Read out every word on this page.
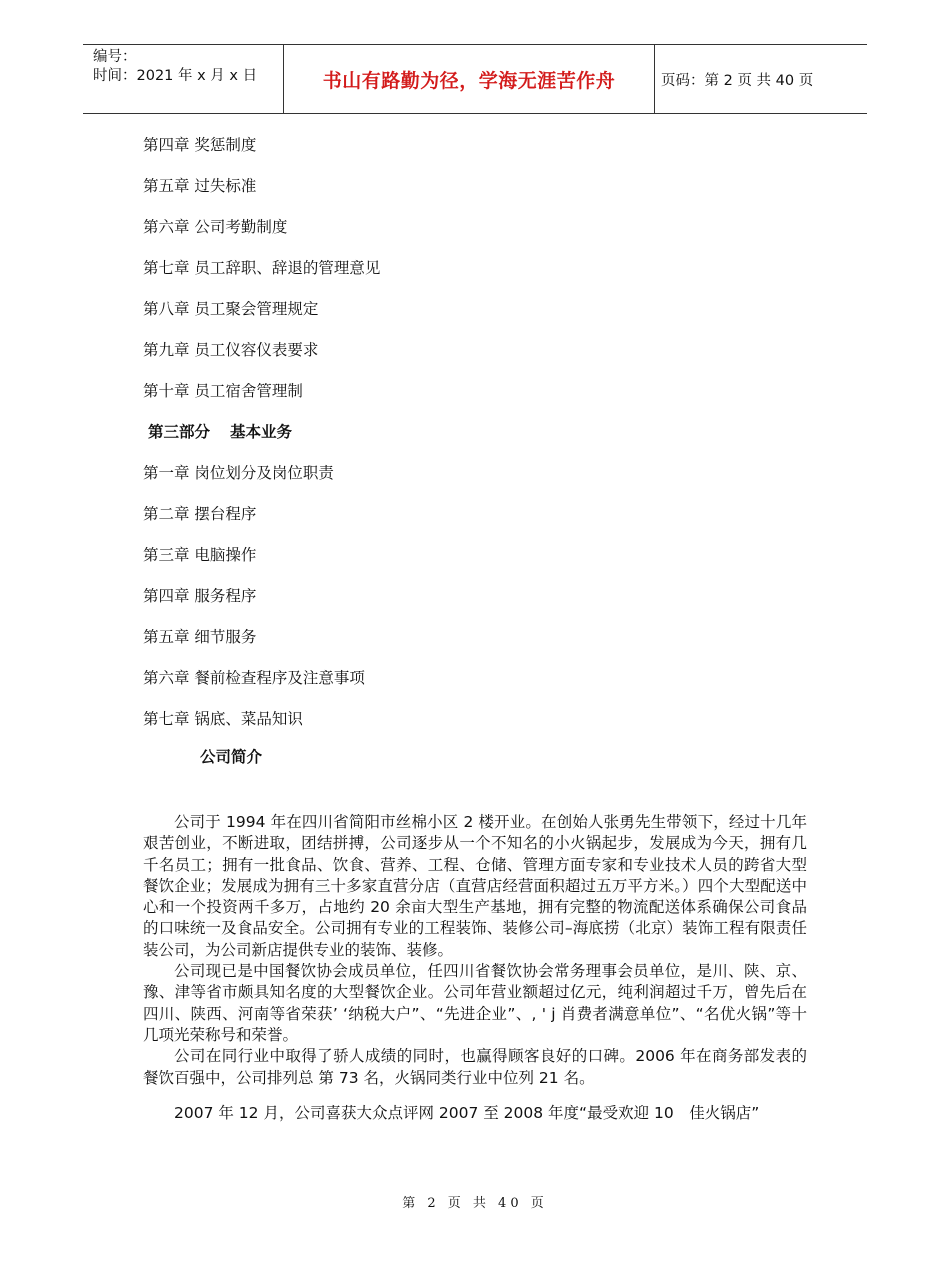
编号：
时间：2021 年 x 月 x 日	书山有路勤为径，学海无涯苦作舟	页码：第 2 页 共 40 页
第四章 奖惩制度
第五章 过失标准
第六章 公司考勤制度
第七章 员工辞职、辞退的管理意见
第八章 员工聚会管理规定
第九章 员工仪容仪表要求
第十章 员工宿舍管理制
第三部分 基本业务
第一章 岗位划分及岗位职责
第二章 摆台程序
第三章 电脑操作
第四章 服务程序
第五章 细节服务
第六章 餐前检查程序及注意事项
第七章 锅底、菜品知识
公司简介

公司于 1994 年在四川省简阳市丝棉小区 2 楼开业。在创始人张勇先生带领下，经过十几年艰苦创业，不断进取，团结拼搏，公司逐步从一个不知名的小火锅起步，发展成为今天，拥有几千名员工；拥有一批食品、饮食、营养、工程、仓储、管理方面专家和专业技术人员的跨省大型餐饮企业；发展成为拥有三十多家直营分店（直营店经营面积超过五万平方米。）四个大型配送中心和一个投资两千多万，占地约 20 余亩大型生产基地，拥有完整的物流配送体系确保公司食品的口味统一及食品安全。公司拥有专业的工程装饰、装修公司–海底捞（北京）装饰工程有限责任装公司，为公司新店提供专业的装饰、装修。

公司现已是中国餐饮协会成员单位，任四川省餐饮协会常务理事会员单位，是川、陕、京、豫、津等省市颇具知名度的大型餐饮企业。公司年营业额超过亿元，纯利润超过千万，曾先后在四川、陕西、河南等省荣获’ ‘纳税大户”、“先进企业”、, ' j 肖费者满意单位”、“名优火锅”等十几项光荣称号和荣誉。

公司在同行业中取得了骄人成绩的同时，也赢得顾客良好的口碑。2006 年在商务部发表的餐饮百强中，公司排列总 第 73 名，火锅同类行业中位列 21 名。

2007 年 12 月，公司喜获大众点评网 2007 至 2008 年度“最受欢迎 10　佳火锅店”

第 2 页 共 40 页
